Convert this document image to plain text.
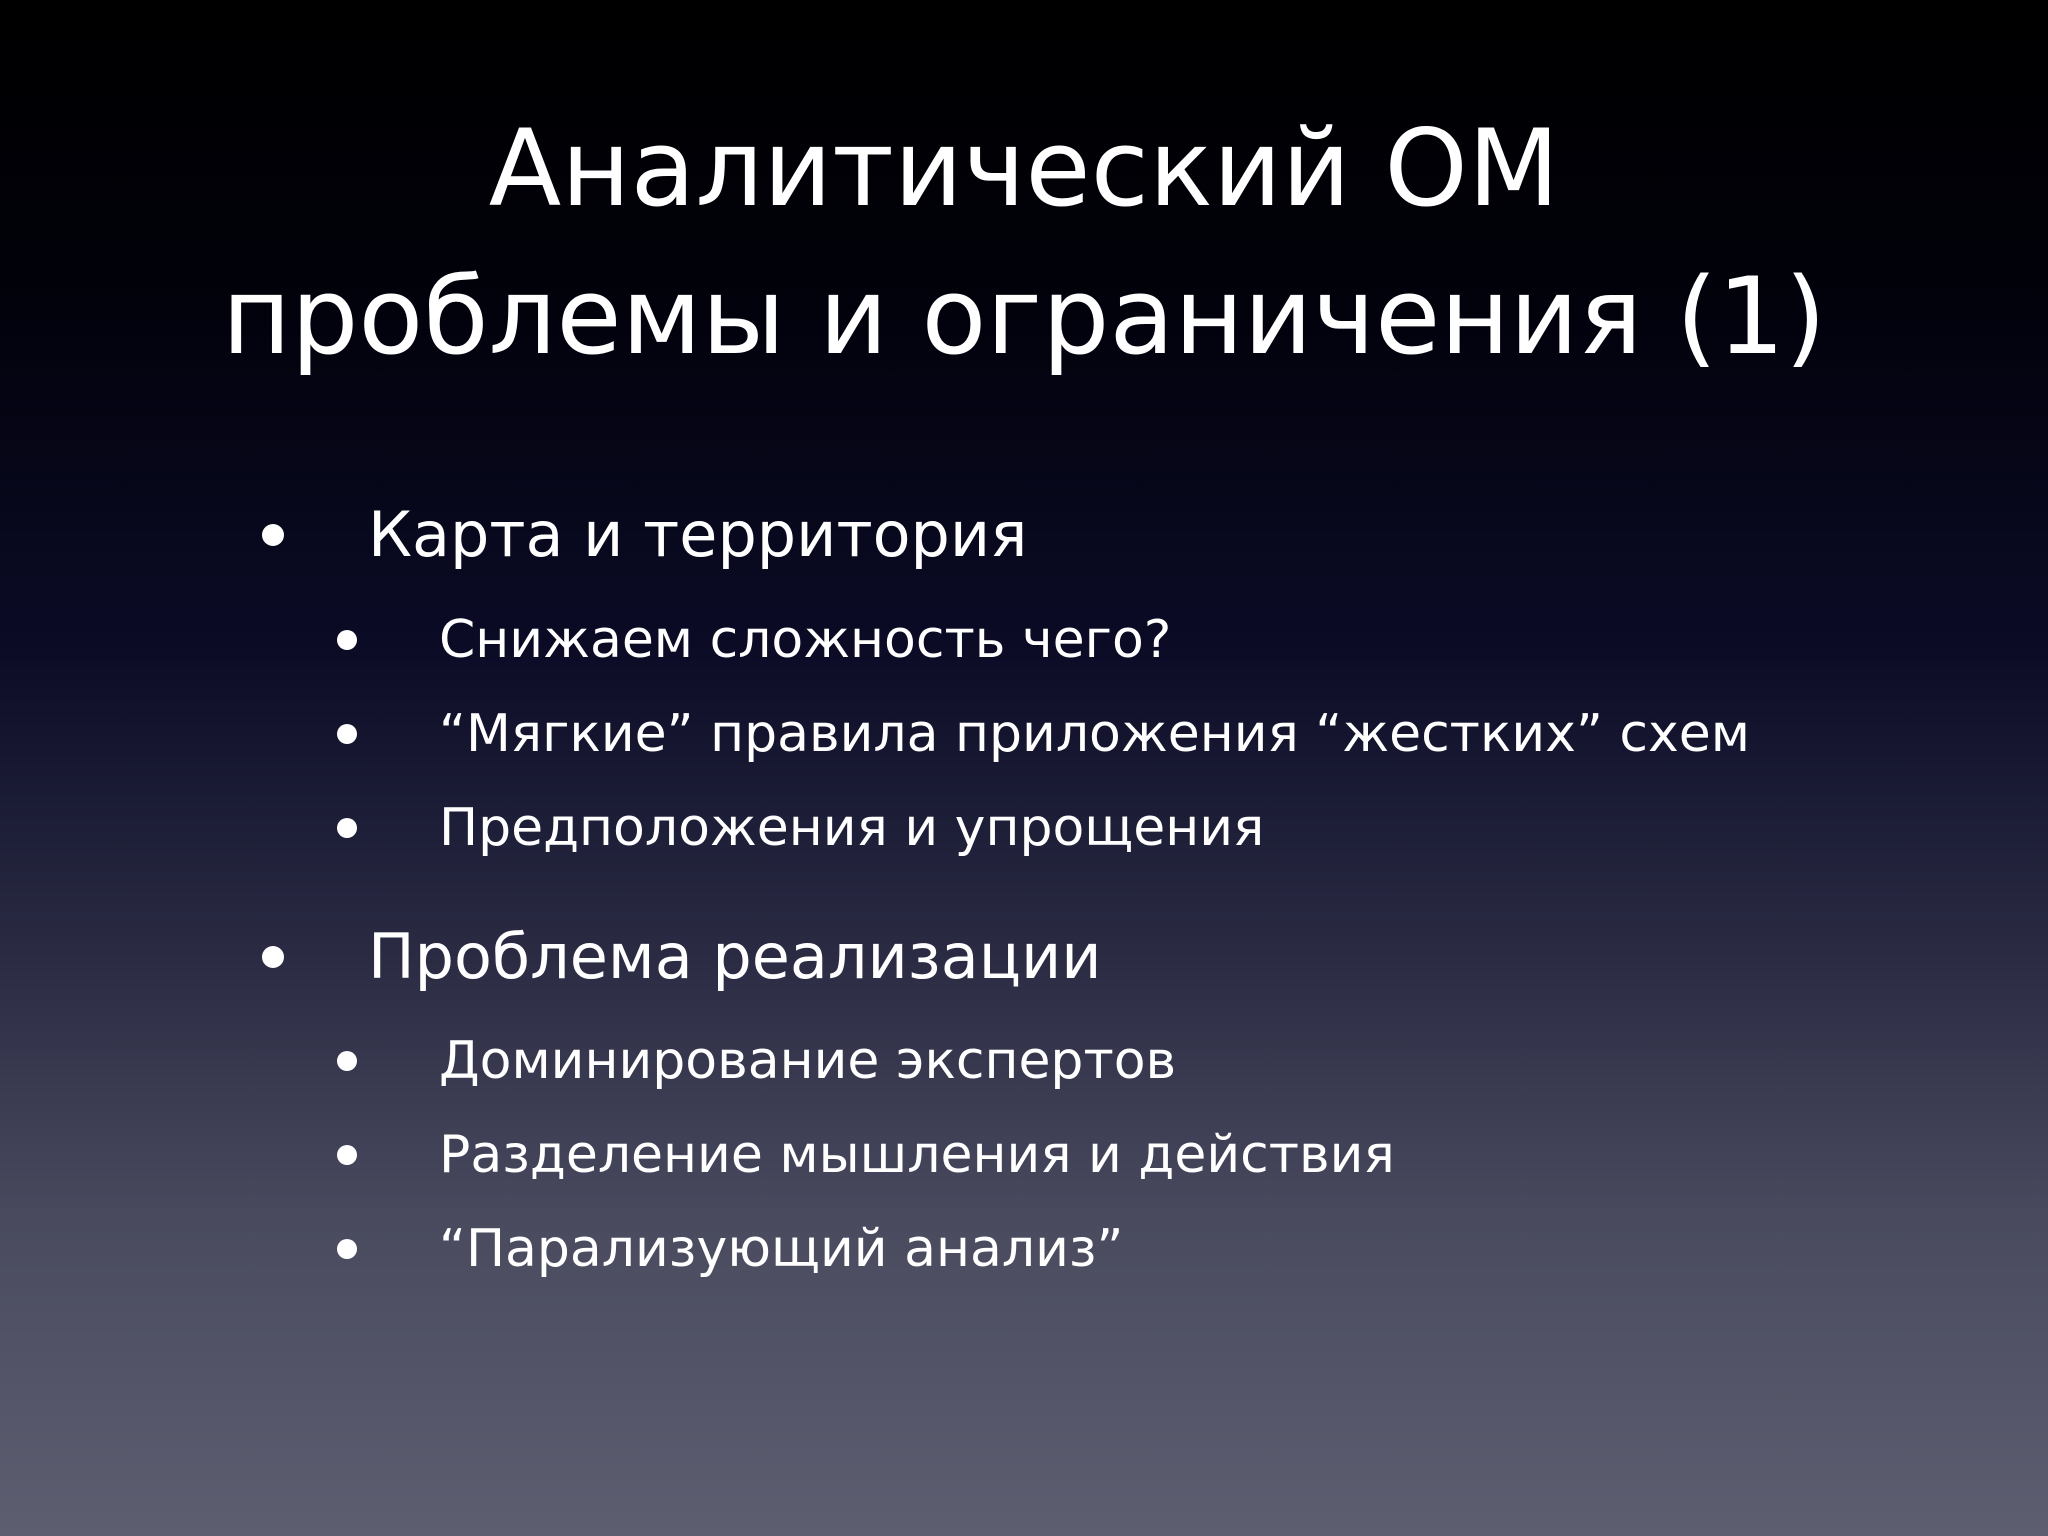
Аналитический ОМ
проблемы и ограничения (1)
Карта и территория
Снижаем сложность чего?
“Мягкие” правила приложения “жестких” схем
Предположения и упрощения
Проблема реализации
Доминирование экспертов
Разделение мышления и действия
“Парализующий анализ”
